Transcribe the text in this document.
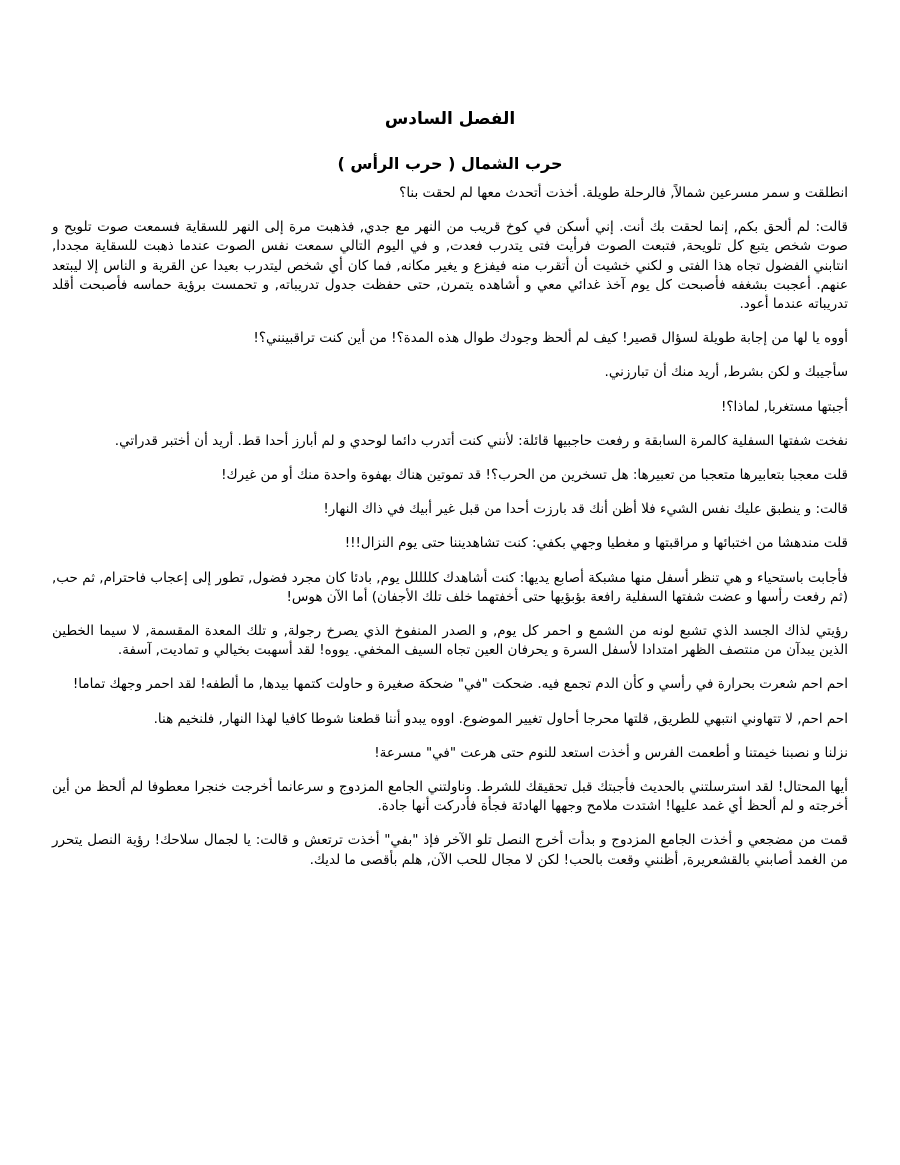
الفصل السادس
حرب الشمال ( حرب الرأس )

انطلقت و سمر مسرعين شمالاً, فالرحلة طويلة. أخذت أتحدث معها لم لحقت بنا؟

قالت: لم ألحق بكم, إنما لحقت بك أنت. إني أسكن في كوخ قريب من النهر مع جدي, فذهبت مرة إلى النهر للسقاية فسمعت صوت تلويح و صوت شخص يتبع كل تلويحة, فتبعت الصوت فرأيت فتى يتدرب فعدت, و في اليوم التالي سمعت نفس الصوت عندما ذهبت للسقاية مجددا, انتابني الفضول تجاه هذا الفتى و لكني خشيت أن أتقرب منه فيفزع و يغير مكانه, فما كان أي شخص ليتدرب بعيدا عن القرية و الناس إلا ليبتعد عنهم. أعجبت بشغفه فأصبحت كل يوم آخذ غدائي معي و أشاهده يتمرن, حتى حفظت جدول تدريباته, و تحمست برؤية حماسه فأصبحت أقلد تدريباته عندما أعود.

أووه يا لها من إجابة طويلة لسؤال قصير! كيف لم ألحظ وجودك طوال هذه المدة؟! من أين كنت تراقبينني؟!

سأجيبك و لكن بشرط, أريد منك أن تبارزني.

أجبتها مستغربا, لماذا؟!

نفخت شفتها السفلية كالمرة السابقة و رفعت حاجبيها قائلة: لأنني كنت أتدرب دائما لوحدي و لم أبارز أحدا قط. أريد أن أختبر قدراتي.

قلت معجبا بتعابيرها متعجبا من تعبيرها: هل تسخرين من الحرب؟! قد تموتين هناك بهفوة واحدة منك أو من غيرك!

قالت: و ينطبق عليك نفس الشيء فلا أظن أنك قد بارزت أحدا من قبل غير أبيك في ذاك النهار!

قلت مندهشا من اختبائها و مراقبتها و مغطيا وجهي بكفي: كنت تشاهديننا حتى يوم النزال!!!

فأجابت باستحياء و هي تنظر أسفل منها مشبكة أصابع يديها: كنت أشاهدك كللللل يوم, بادئا كان مجرد فضول, تطور إلى إعجاب فاحترام, ثم حب, (ثم رفعت رأسها و عضت شفتها السفلية رافعة بؤبؤيها حتى أخفتهما خلف تلك الأجفان) أما الآن هوس!

رؤيتي لذاك الجسد الذي تشبع لونه من الشمع و احمر كل يوم, و الصدر المنفوخ الذي يصرخ رجولة, و تلك المعدة المقسمة, لا سيما الخطين الذين يبدآن من منتصف الظهر امتدادا لأسفل السرة و يحرفان العين تجاه السيف المخفي. يووه! لقد أسهبت بخيالي و تماديت, آسفة.

احم احم شعرت بحرارة في رأسي و كأن الدم تجمع فيه. ضحكت "في" ضحكة صغيرة و حاولت كتمها بيدها, ما ألطفه! لقد احمر وجهك تماما!

احم احم, لا تتهاوني انتبهي للطريق, قلتها محرجا أحاول تغيير الموضوع. اووه يبدو أننا قطعنا شوطا كافيا لهذا النهار, فلنخيم هنا.

نزلنا و نصبنا خيمتنا و أطعمت الفرس و أخذت استعد للنوم حتى هرعت "في" مسرعة!

أيها المحتال! لقد استرسلتني بالحديث فأجبتك قبل تحقيقك للشرط. وناولتني الجامع المزدوج و سرعانما أخرجت خنجرا معطوفا لم ألحظ من أين أخرجته و لم ألحظ أي غمد عليها! اشتدت ملامح وجهها الهادئة فجأة فأدركت أنها جادة.

قمت من مضجعي و أخذت الجامع المزدوج و بدأت أخرج النصل تلو الآخر فإذ "بفي" أخذت ترتعش و قالت: يا لجمال سلاحك! رؤية النصل يتحرر من الغمد أصابني بالقشعريرة, أظنني وقعت بالحب! لكن لا مجال للحب الآن, هلم بأقصى ما لديك.
